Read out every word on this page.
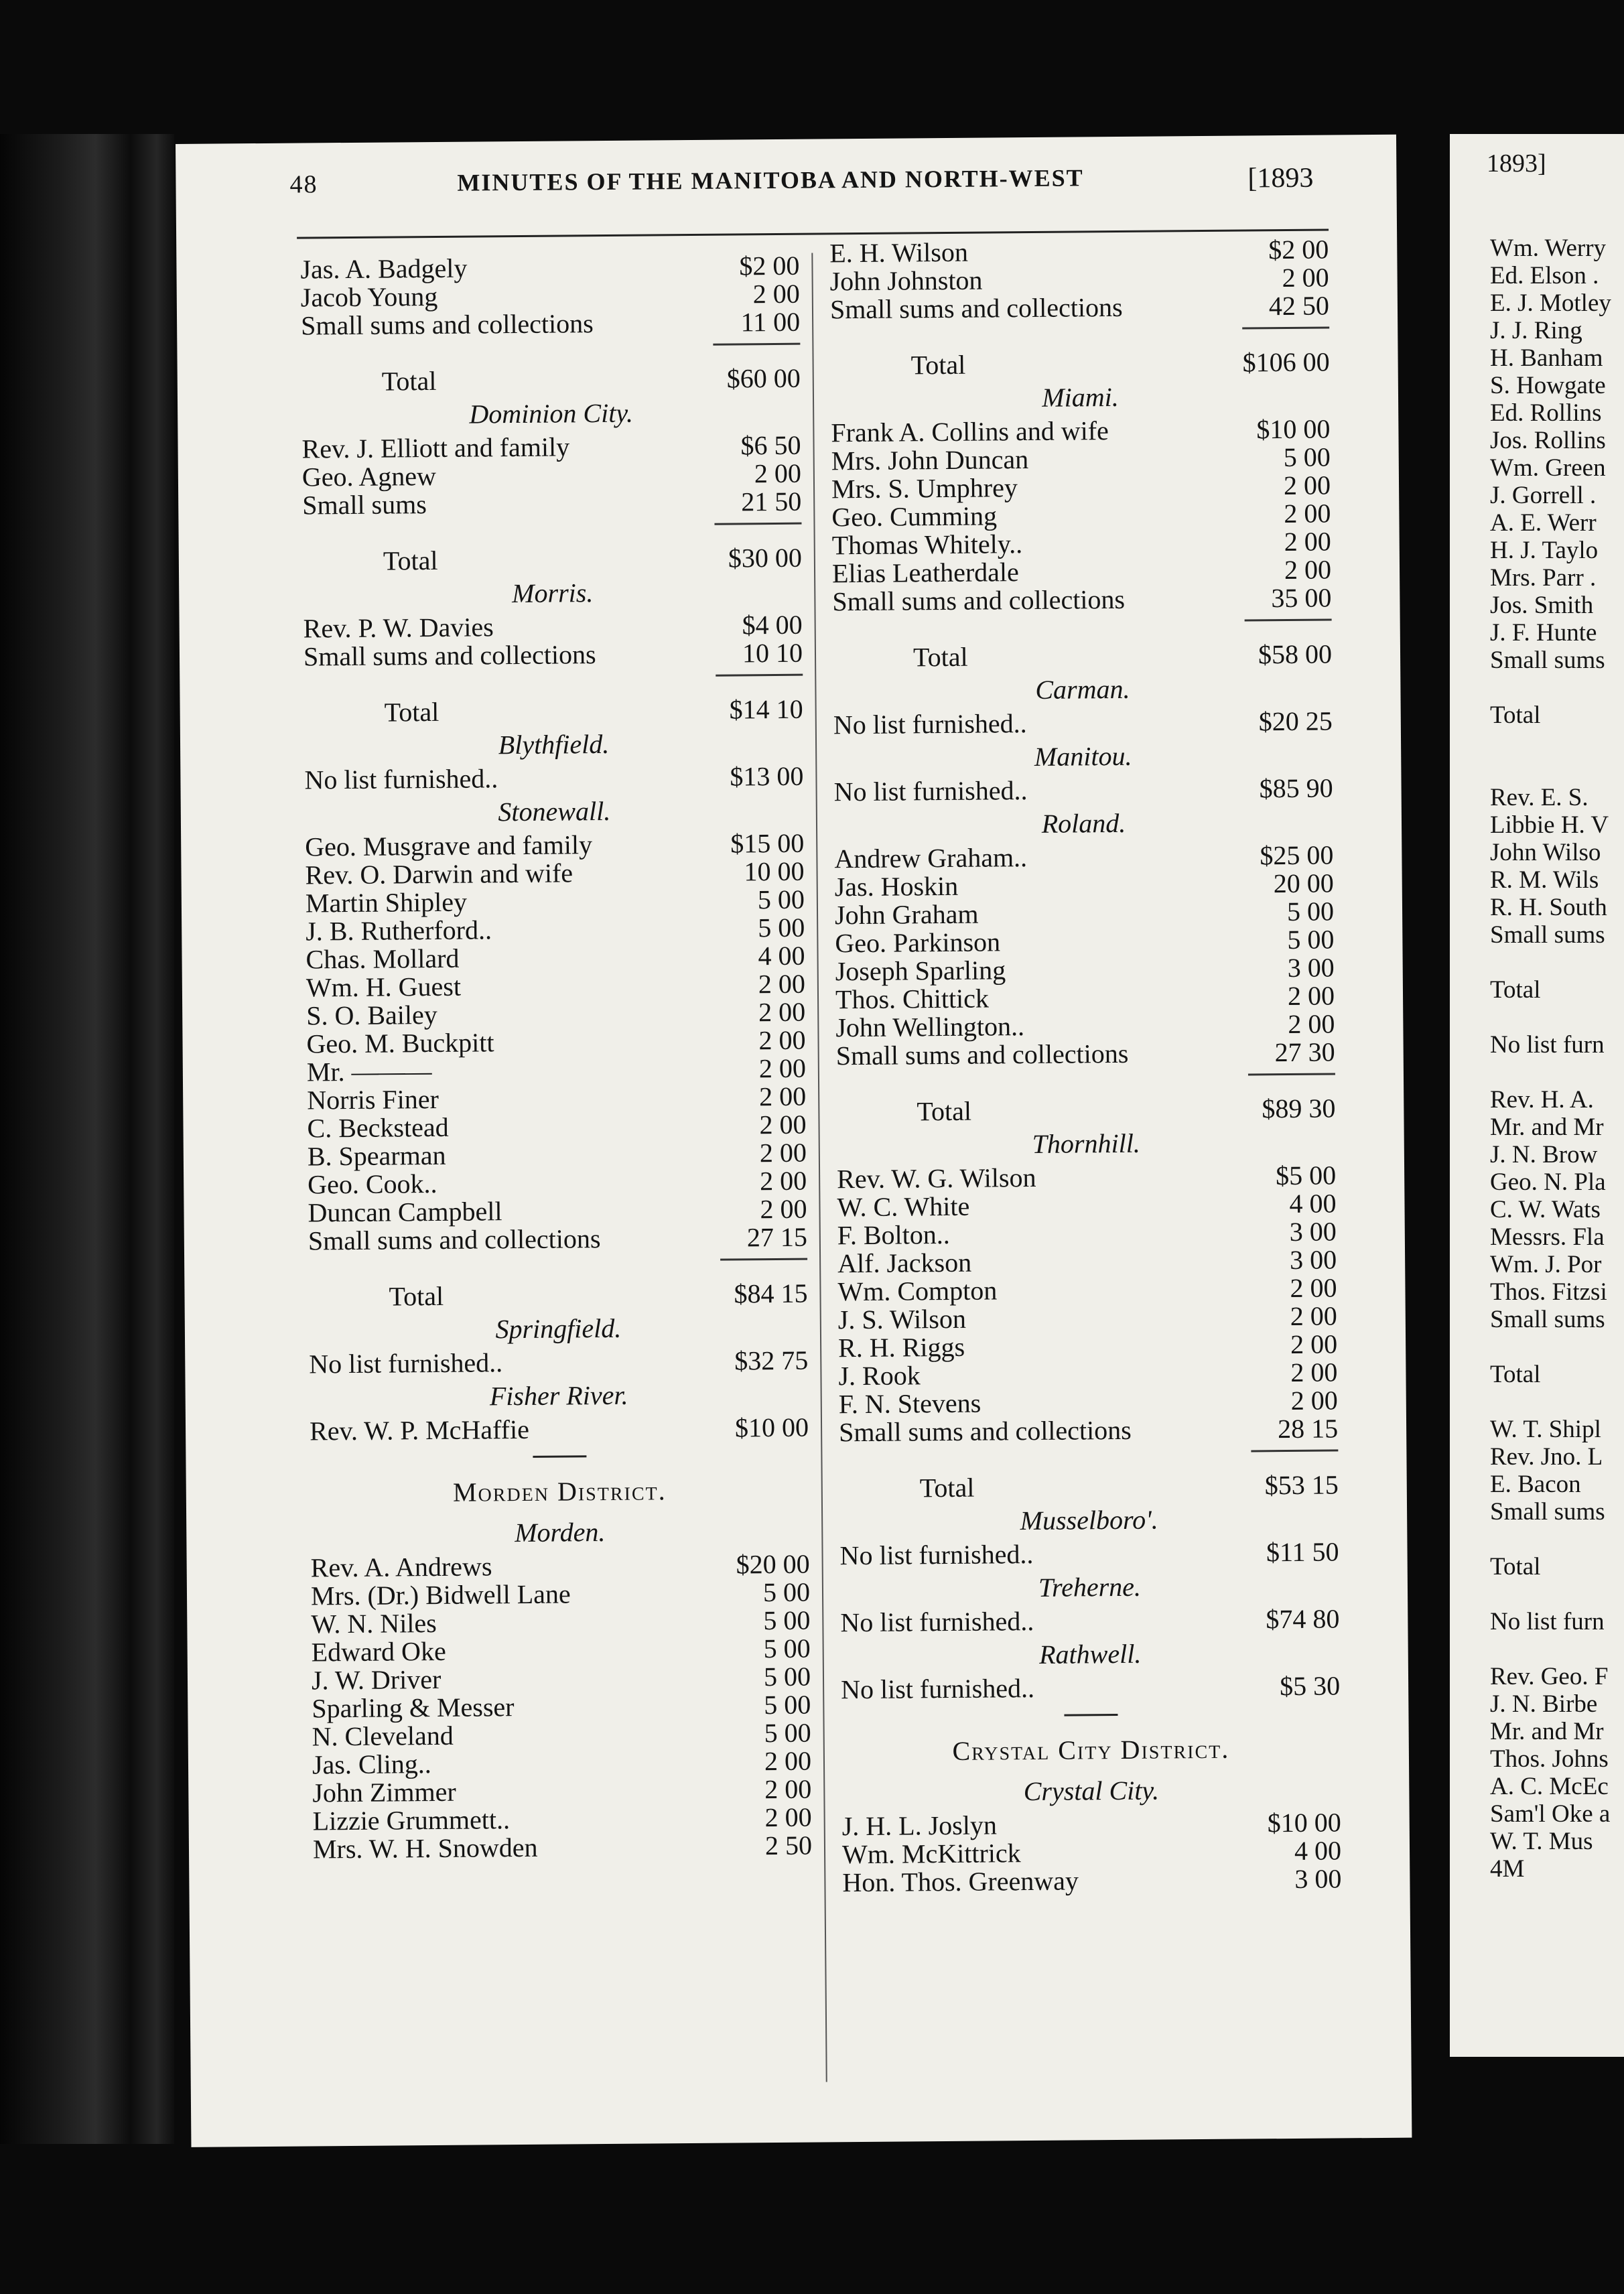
48	MINUTES OF THE MANITOBA AND NORTH-WEST	[1893
Jas. A. Badgely	$2 00
Jacob Young	2 00
Small sums and collections	11 00
Total	$60 00
Dominion City.
Rev. J. Elliott and family	$6 50
Geo. Agnew	2 00
Small sums	21 50
Total	$30 00
Morris.
Rev. P. W. Davies	$4 00
Small sums and collections	10 10
Total	$14 10
Blythfield.
No list furnished..	$13 00
Stonewall.
Geo. Musgrave and family	$15 00
Rev. O. Darwin and wife	10 00
Martin Shipley	5 00
J. B. Rutherford..	5 00
Chas. Mollard	4 00
Wm. H. Guest	2 00
S. O. Bailey	2 00
Geo. M. Buckpitt	2 00
Mr. ———	2 00
Norris Finer	2 00
C. Beckstead	2 00
B. Spearman	2 00
Geo. Cook..	2 00
Duncan Campbell	2 00
Small sums and collections	27 15
Total	$84 15
Springfield.
No list furnished..	$32 75
Fisher River.
Rev. W. P. McHaffie	$10 00
Morden District.
Morden.
Rev. A. Andrews	$20 00
Mrs. (Dr.) Bidwell Lane	5 00
W. N. Niles	5 00
Edward Oke	5 00
J. W. Driver	5 00
Sparling & Messer	5 00
N. Cleveland	5 00
Jas. Cling..	2 00
John Zimmer	2 00
Lizzie Grummett..	2 00
Mrs. W. H. Snowden	2 50
E. H. Wilson	$2 00
John Johnston	2 00
Small sums and collections	42 50
Total	$106 00
Miami.
Frank A. Collins and wife	$10 00
Mrs. John Duncan	5 00
Mrs. S. Umphrey	2 00
Geo. Cumming	2 00
Thomas Whitely..	2 00
Elias Leatherdale	2 00
Small sums and collections	35 00
Total	$58 00
Carman.
No list furnished..	$20 25
Manitou.
No list furnished..	$85 90
Roland.
Andrew Graham..	$25 00
Jas. Hoskin	20 00
John Graham	5 00
Geo. Parkinson	5 00
Joseph Sparling	3 00
Thos. Chittick	2 00
John Wellington..	2 00
Small sums and collections	27 30
Total	$89 30
Thornhill.
Rev. W. G. Wilson	$5 00
W. C. White	4 00
F. Bolton..	3 00
Alf. Jackson	3 00
Wm. Compton	2 00
J. S. Wilson	2 00
R. H. Riggs	2 00
J. Rook	2 00
F. N. Stevens	2 00
Small sums and collections	28 15
Total	$53 15
Musselboro'.
No list furnished..	$11 50
Treherne.
No list furnished..	$74 80
Rathwell.
No list furnished..	$5 30
Crystal City District.
Crystal City.
J. H. L. Joslyn	$10 00
Wm. McKittrick	4 00
Hon. Thos. Greenway	3 00
1893]
Wm. Werry
Ed. Elson .
E. J. Motley
J. J. Ring
H. Banham
S. Howgate
Ed. Rollins
Jos. Rollins
Wm. Green
J. Gorrell .
A. E. Werr
H. J. Taylo
Mrs. Parr .
Jos. Smith
J. F. Hunte
Small sums
Total
Rev. E. S.
Libbie H. V
John Wilso
R. M. Wils
R. H. South
Small sums
Total
No list furn
Rev. H. A.
Mr. and Mr
J. N. Brow
Geo. N. Pla
C. W. Wats
Messrs. Fla
Wm. J. Por
Thos. Fitzsi
Small sums
Total
W. T. Shipl
Rev. Jno. L
E. Bacon
Small sums
Total
No list furn
Rev. Geo. F
J. N. Birbe
Mr. and Mr
Thos. Johns
A. C. McEc
Sam'l Oke a
W. T. Mus
4M
